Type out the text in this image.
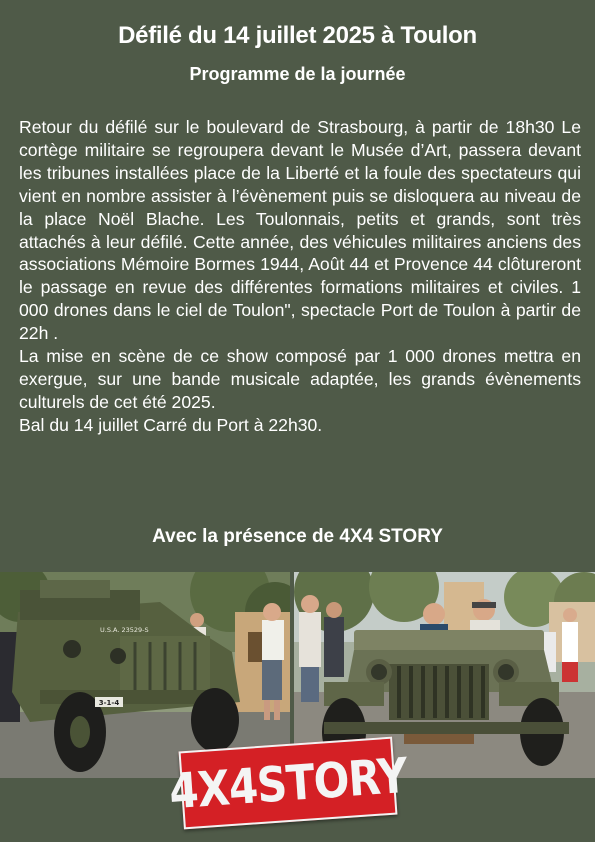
Défilé du 14 juillet 2025 à Toulon
Programme de la journée

Retour du défilé sur le boulevard de Strasbourg, à partir de 18h30 Le cortège militaire se regroupera devant le Musée d’Art, passera devant les tribunes installées place de la Liberté et la foule des spectateurs qui vient en nombre assister à l’évènement puis se disloquera au niveau de la place Noël Blache. Les Toulonnais, petits et grands, sont très attachés à leur défilé. Cette année, des véhicules militaires anciens des associations Mémoire Bormes 1944, Août 44 et Provence 44 clôtureront le passage en revue des différentes formations militaires et civiles. 1 000 drones dans le ciel de Toulon", spectacle Port de Toulon à partir de 22h .

La mise en scène de ce show composé par 1 000 drones mettra en exergue, sur une bande musicale adaptée, les grands évènements culturels de cet été 2025.

Bal du 14 juillet Carré du Port à 22h30.

Avec la présence de 4X4 STORY
3-1-4
U.S.A. 23529-S
4X4STORY
